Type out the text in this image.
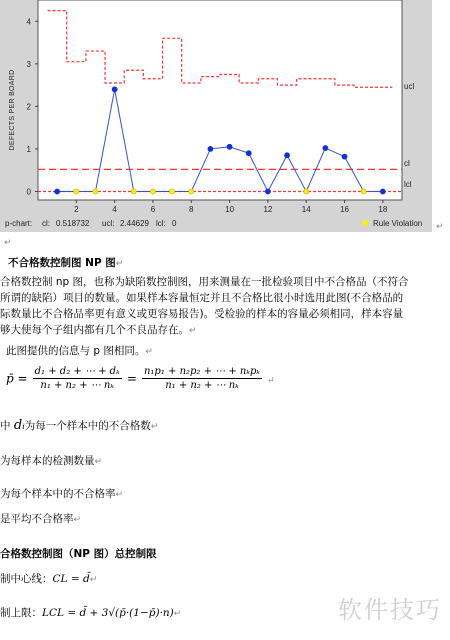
0
1
2
3
4
2	4	6	8	10	12	14	16	18
DEFECTS PER BOARD	ucl
cl
lcl
p-chart: cl: 0.518732 ucl: 2.44629 lcl: 0	Rule Violation ↵
↵
不合格数控制图 NP 图↵
合格数控制 np 图，也称为缺陷数控制图，用来测量在一批检验项目中不合格品（不符合
所谓的缺陷）项目的数量。如果样本容量恒定并且不合格比很小时选用此图(不合格品的
际数量比不合格品率更有意义或更容易报告)。受检验的样本的容量必须相同，样本容量
够大使每个子组内都有几个不良品存在。↵
此图提供的信息与 p 图相同。↵
p̄ = $\frac{\text{d₁ + d₂ + ⋯ + dₖ}}{\text{n₁ + n₂ + ⋯ nₖ}} = \frac{\text{n₁p₁ + n₂p₂ + ⋯ + nₖpₖ}}{\text{n₁ + n₂ + ⋯ nₖ}}$ ↵
中 dᵢ为每一个样本中的不合格数↵
为每样本的检测数量↵
为每个样本中的不合格率↵
是平均不合格率↵
合格数控制图（NP 图）总控制限
制中心线：CL = d̄↵
制上限：LCL = d̄ + 3√(p̄·(1−p̄)·n)↵	软件技巧
